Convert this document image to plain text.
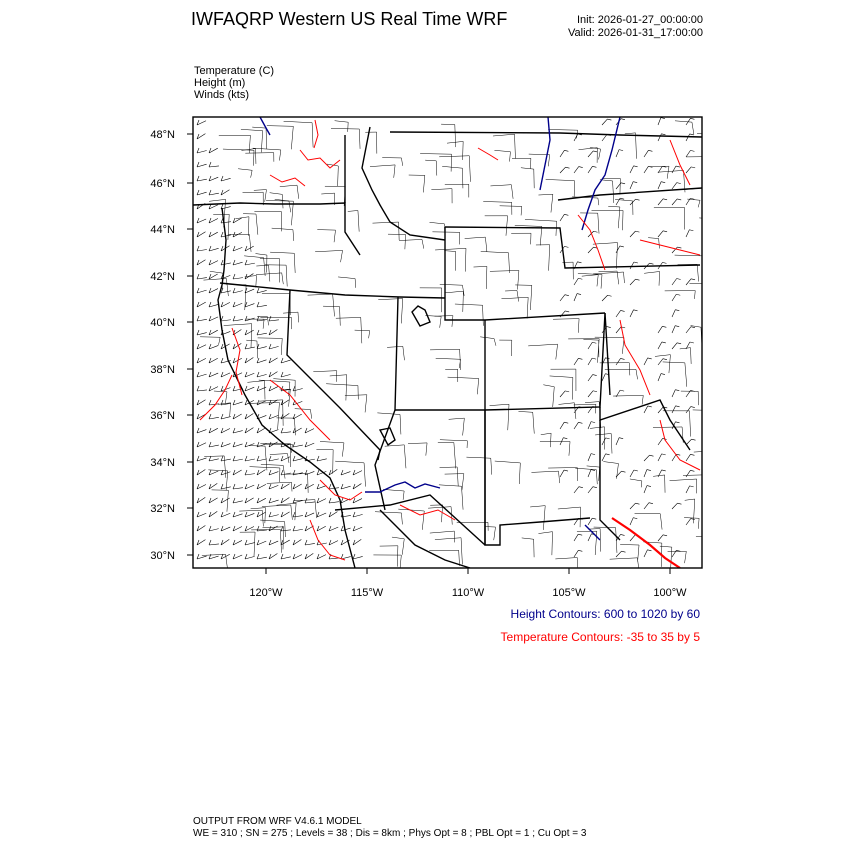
IWFAQRP Western US Real Time WRF	Init: 2026-01-27_00:00:00
Valid: 2026-01-31_17:00:00
Temperature (C)
Height (m)
Winds (kts)
48°N
46°N
44°N
42°N
40°N
38°N
36°N
34°N
32°N
30°N
120°W	115°W	110°W	105°W	100°W
Height Contours: 600 to 1020 by 60
Temperature Contours: -35 to 35 by 5
OUTPUT FROM WRF V4.6.1 MODEL
WE = 310 ; SN = 275 ; Levels = 38 ; Dis = 8km ; Phys Opt = 8 ; PBL Opt = 1 ; Cu Opt = 3
